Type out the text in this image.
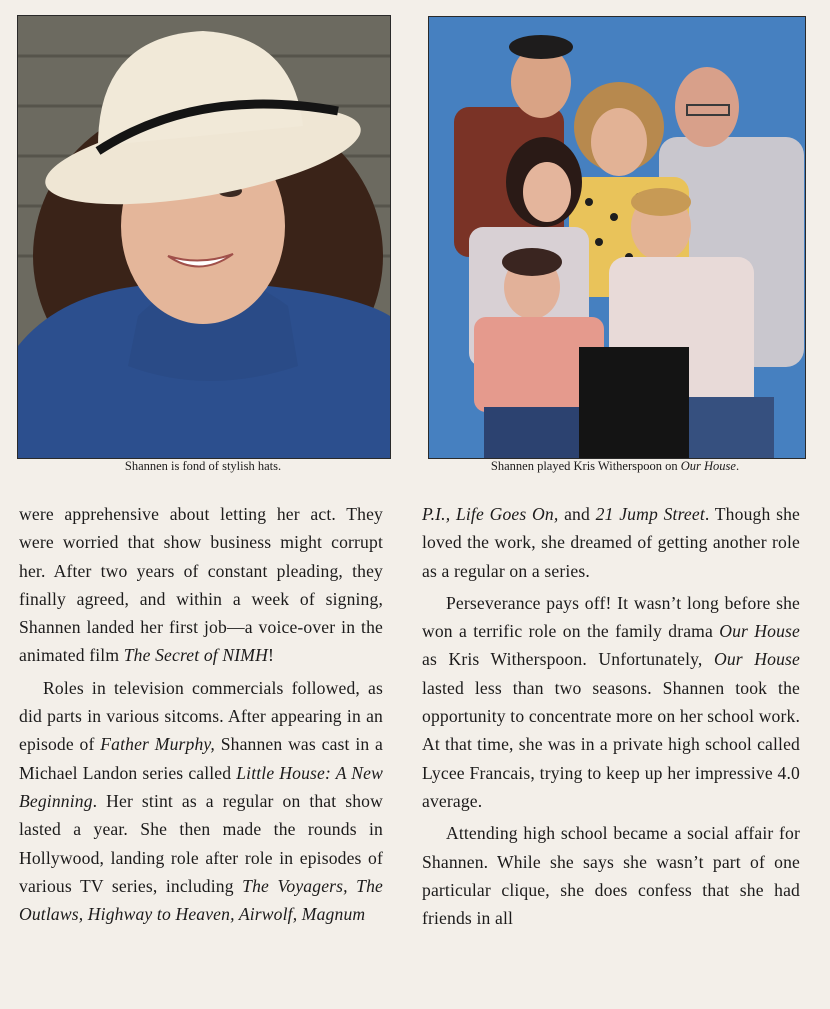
Shannen is fond of stylish hats.	Shannen played Kris Witherspoon on Our House.

were apprehensive about letting her act. They were worried that show business might corrupt her. After two years of constant pleading, they finally agreed, and within a week of signing, Shannen landed her first job—a voice-over in the animated film The Secret of NIMH!

Roles in television commercials followed, as did parts in various sitcoms. After appearing in an episode of Father Murphy, Shannen was cast in a Michael Landon series called Little House: A New Beginning. Her stint as a regular on that show lasted a year. She then made the rounds in Hollywood, landing role after role in episodes of various TV series, including The Voyagers, The Outlaws, Highway to Heaven, Airwolf, Magnum

P.I., Life Goes On, and 21 Jump Street. Though she loved the work, she dreamed of getting another role as a regular on a series.

Perseverance pays off! It wasn’t long before she won a terrific role on the family drama Our House as Kris Witherspoon. Unfortunately, Our House lasted less than two seasons. Shannen took the opportunity to concentrate more on her school work. At that time, she was in a private high school called Lycee Francais, trying to keep up her impressive 4.0 average.

Attending high school became a social affair for Shannen. While she says she wasn’t part of one particular clique, she does confess that she had friends in all
